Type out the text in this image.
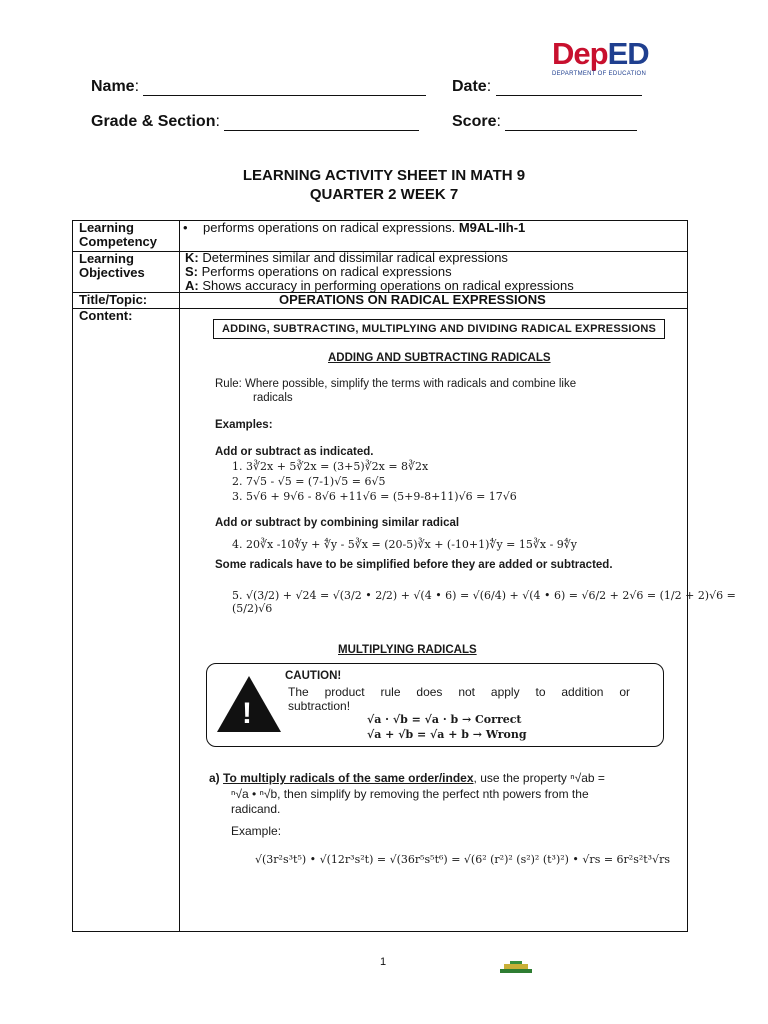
DepED
DEPARTMENT OF EDUCATION
Name:	Date:
Grade & Section:	Score:
LEARNING ACTIVITY SHEET IN MATH 9
QUARTER 2 WEEK 7
Learning Competency
• performs operations on radical expressions. M9AL-IIh-1
Learning Objectives
K: Determines similar and dissimilar radical expressions
S: Performs operations on radical expressions
A: Shows accuracy in performing operations on radical expressions
Title/Topic:	OPERATIONS ON RADICAL EXPRESSIONS
Content:
ADDING, SUBTRACTING, MULTIPLYING AND DIVIDING RADICAL EXPRESSIONS
ADDING AND SUBTRACTING RADICALS
Rule: Where possible, simplify the terms with radicals and combine like
radicals
Examples:
Add or subtract as indicated.
1. 3∛2x + 5∛2x = (3+5)∛2x = 8∛2x
2. 7√5 - √5 = (7-1)√5 = 6√5
3. 5√6 + 9√6 - 8√6 +11√6 = (5+9-8+11)√6 = 17√6
Add or subtract by combining similar radical
4. 20∛x -10∜y + ∜y - 5∛x = (20-5)∛x + (-10+1)∜y = 15∛x - 9∜y
Some radicals have to be simplified before they are added or subtracted.
5. √(3/2) + √24 = √(3/2 • 2/2) + √(4 • 6) = √(6/4) + √(4 • 6) = √6/2 + 2√6 = (1/2 + 2)√6 = (5/2)√6
MULTIPLYING RADICALS
!
CAUTION!
The product rule does not apply to addition or
subtraction!
√a · √b = √a · b → Correct
√a + √b = √a + b → Wrong
a) To multiply radicals of the same order/index, use the property ⁿ√ab =
ⁿ√a • ⁿ√b, then simplify by removing the perfect nth powers from the
radicand.
Example:
√(3r²s³t⁵) • √(12r³s²t) = √(36r⁵s⁵t⁶) = √(6² (r²)² (s²)² (t³)²) • √rs = 6r²s²t³√rs
1
